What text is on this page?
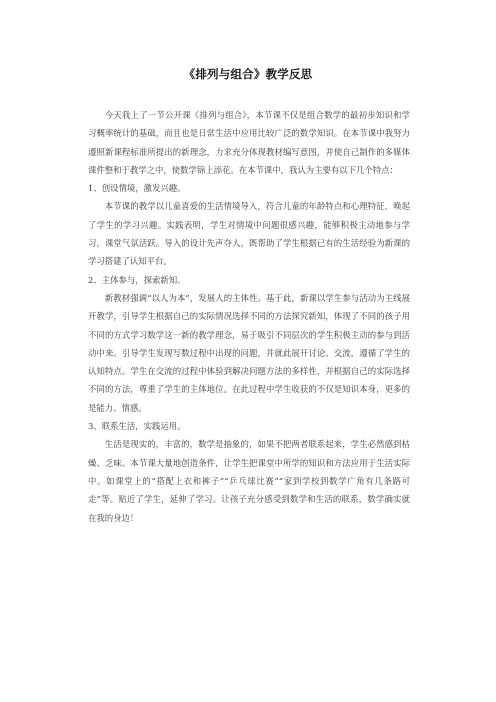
《排列与组合》教学反思

今天我上了一节公开课《排列与组合》，本节课不仅是组合数学的最初步知识和学习概率统计的基础，而且也是日常生活中应用比较广泛的数学知识。在本节课中我努力遵照新课程标准所提出的新理念，力求充分体现教材编写意图，并使自己制作的多媒体课件整和于教学之中，使数学锦上添花。在本节课中，我认为主要有以下几个特点：

1、创设情境，激发兴趣。

本节课的教学以儿童喜爱的生活情境导入，符合儿童的年龄特点和心理特征，唤起了学生的学习兴趣。实践表明，学生对情境中问题很感兴趣，能够积极主动地参与学习，课堂气氛活跃。导入的设计先声夺人，既帮助了学生根据已有的生活经验为新课的学习搭建了认知平台。

2、主体参与，探索新知。

新教材强调“以人为本”，发展人的主体性。基于此，新课以学生参与活动为主线展开教学，引导学生根据自己的实际情况选择不同的方法探究新知，体现了不同的孩子用不同的方式学习数学这一新的教学理念，易于吸引不同层次的学生积极主动的参与到活动中来。引导学生发现写数过程中出现的问题，并就此展开讨论、交流，遵循了学生的认知特点。学生在交流的过程中体验到解决问题方法的多样性，并根据自己的实际选择不同的方法，尊重了学生的主体地位。在此过程中学生收获的不仅是知识本身，更多的是能力、情感。

3、联系生活，实践运用。

生活是现实的，丰富的，数学是抽象的，如果不把两者联系起来，学生必然感到枯燥、乏味。本节课大量地创造条件，让学生把课堂中所学的知识和方法应用于生活实际中。如课堂上的“搭配上衣和裤子”“乒乓球比赛”“家到学校到数学广角有几条路可走”等。贴近了学生，延伸了学习。让孩子充分感受到数学和生活的联系，数学确实就在我的身边！
